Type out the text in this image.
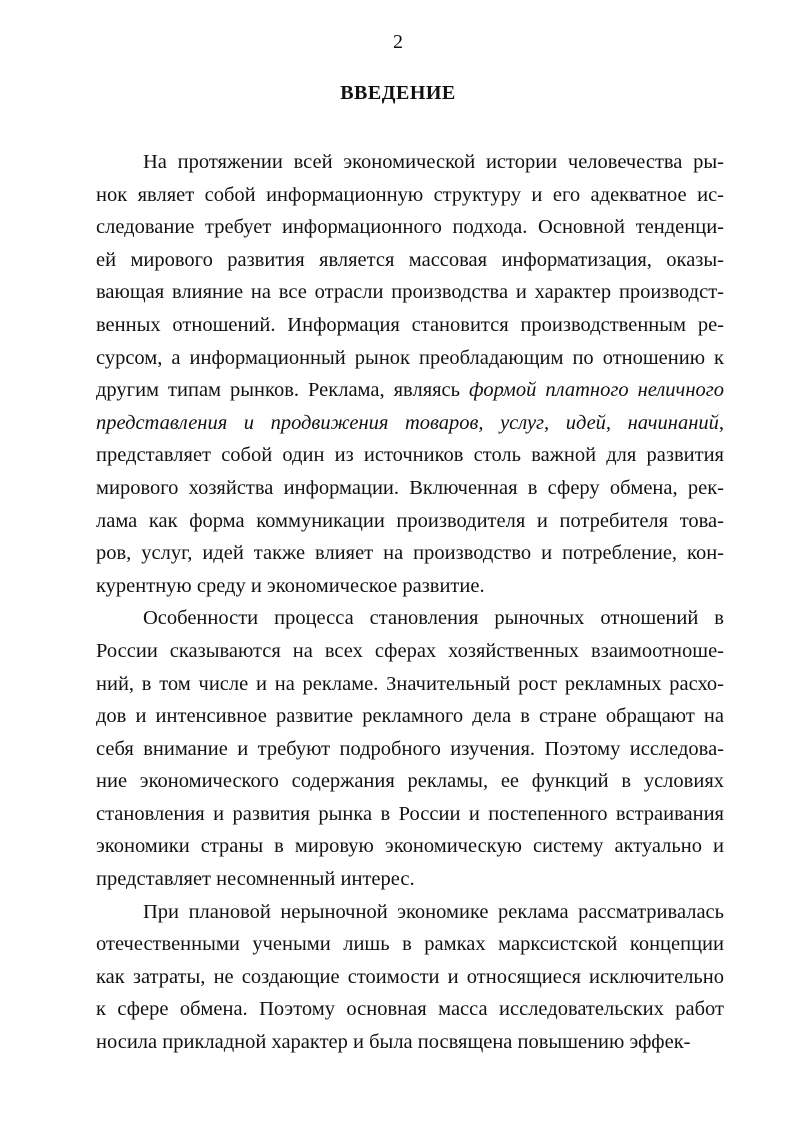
2
ВВЕДЕНИЕ
На протяжении всей экономической истории человечества ры-
нок являет собой информационную структуру и его адекватное ис-
следование требует информационного подхода. Основной тенденци-
ей мирового развития является массовая информатизация, оказы-
вающая влияние на все отрасли производства и характер производст-
венных отношений. Информация становится производственным ре-
сурсом, а информационный рынок преобладающим по отношению к
другим типам рынков. Реклама, являясь формой платного неличного
представления и продвижения товаров, услуг, идей, начинаний,
представляет собой один из источников столь важной для развития
мирового хозяйства информации. Включенная в сферу обмена, рек-
лама как форма коммуникации производителя и потребителя това-
ров, услуг, идей также влияет на производство и потребление, кон-
курентную среду и экономическое развитие.
Особенности процесса становления рыночных отношений в
России сказываются на всех сферах хозяйственных взаимоотноше-
ний, в том числе и на рекламе. Значительный рост рекламных расхо-
дов и интенсивное развитие рекламного дела в стране обращают на
себя внимание и требуют подробного изучения. Поэтому исследова-
ние экономического содержания рекламы, ее функций в условиях
становления и развития рынка в России и постепенного встраивания
экономики страны в мировую экономическую систему актуально и
представляет несомненный интерес.
При плановой нерыночной экономике реклама рассматривалась
отечественными учеными лишь в рамках марксистской концепции
как затраты, не создающие стоимости и относящиеся исключительно
к сфере обмена. Поэтому основная масса исследовательских работ
носила прикладной характер и была посвящена повышению эффек-
